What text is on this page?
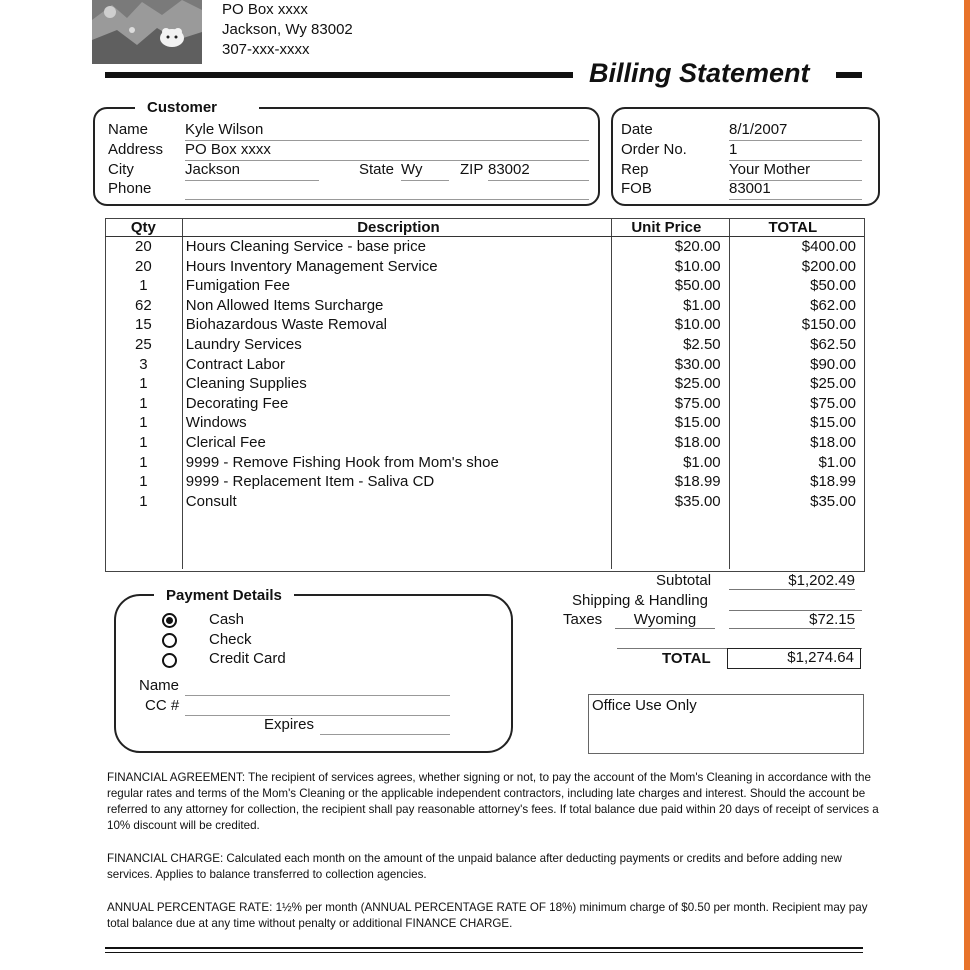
PO Box xxxx
Jackson, Wy 83002
307-xxx-xxxx
Billing Statement
Customer
Name Kyle Wilson
Address PO Box xxxx
City	Jackson	State Wy	ZIP 83002
Phone
Date	8/1/2007
Order No.	1
Rep	Your Mother
FOB	83001
Qty	Description	Unit Price	TOTAL
20	Hours Cleaning Service - base price	$20.00	$400.00
20	Hours Inventory Management Service	$10.00	$200.00
1	Fumigation Fee	$50.00	$50.00
62	Non Allowed Items Surcharge	$1.00	$62.00
15	Biohazardous Waste Removal	$10.00	$150.00
25	Laundry Services	$2.50	$62.50
3	Contract Labor	$30.00	$90.00
1	Cleaning Supplies	$25.00	$25.00
1	Decorating Fee	$75.00	$75.00
1	Windows	$15.00	$15.00
1	Clerical Fee	$18.00	$18.00
1	9999 - Remove Fishing Hook from Mom's shoe	$1.00	$1.00
1	9999 - Replacement Item - Saliva CD	$18.99	$18.99
1	Consult	$35.00	$35.00

Subtotal	$1,202.49
Shipping & Handling
Taxes	Wyoming	$72.15
TOTAL	$1,274.64
Payment Details
Cash
Check
Credit Card
Name
CC #
Expires
Office Use Only
FINANCIAL AGREEMENT: The recipient of services agrees, whether signing or not, to pay the account of the Mom's Cleaning in accordance with the regular rates and terms of the Mom's Cleaning or the applicable independent contractors, including late charges and interest. Should the account be referred to any attorney for collection, the recipient shall pay reasonable attorney's fees. If total balance due paid within 20 days of receipt of services a 10% discount will be credited.
FINANCIAL CHARGE: Calculated each month on the amount of the unpaid balance after deducting payments or credits and before adding new services. Applies to balance transferred to collection agencies.
ANNUAL PERCENTAGE RATE: 1½% per month (ANNUAL PERCENTAGE RATE OF 18%) minimum charge of $0.50 per month. Recipient may pay total balance due at any time without penalty or additional FINANCE CHARGE.
